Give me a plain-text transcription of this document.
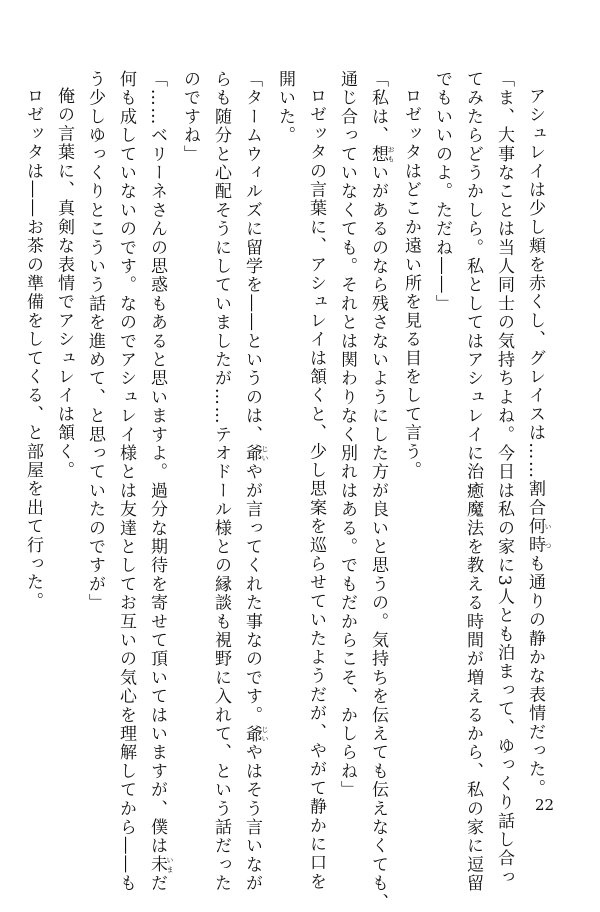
アシュレイは少し頬を赤くし、グレイスは……割合何時 いつも通りの静かな表情だった。

「ま、大事なことは当人同士の気持ちよね。今日は私の家に3人とも泊まって、ゆっくり話し合っ

てみたらどうかしら。私としてはアシュレイに治癒魔法を教える時間が増えるから、私の家に逗留

でもいいのよ。ただね――」

ロゼッタはどこか遠い所を見る目をして言う。

「私は、想 おもいがあるのなら残さないようにした方が良いと思うの。気持ちを伝えても伝えなくても、

通じ合っていなくても。それとは関わりなく別れはある。でもだからこそ、かしらね」

ロゼッタの言葉に、アシュレイは頷くと、少し思案を巡らせていたようだが、やがて静かに口を

開いた。

「タームウィルズに留学を――というのは、爺 じいやが言ってくれた事なのです。爺 じいやはそう言いなが

らも随分と心配そうにしていましたが……テオドール様との縁談も視野に入れて、という話だった

のですね」

「……ベリーネさんの思惑もあると思いますよ。過分な期待を寄せて頂いてはいますが、僕は未 いまだ

何も成していないのです。なのでアシュレイ様とは友達としてお互いの気心を理解してから――も

う少しゆっくりとこういう話を進めて、と思っていたのですが」

俺の言葉に、真剣な表情でアシュレイは頷く。

ロゼッタは――お茶の準備をしてくる、と部屋を出て行った。

22
